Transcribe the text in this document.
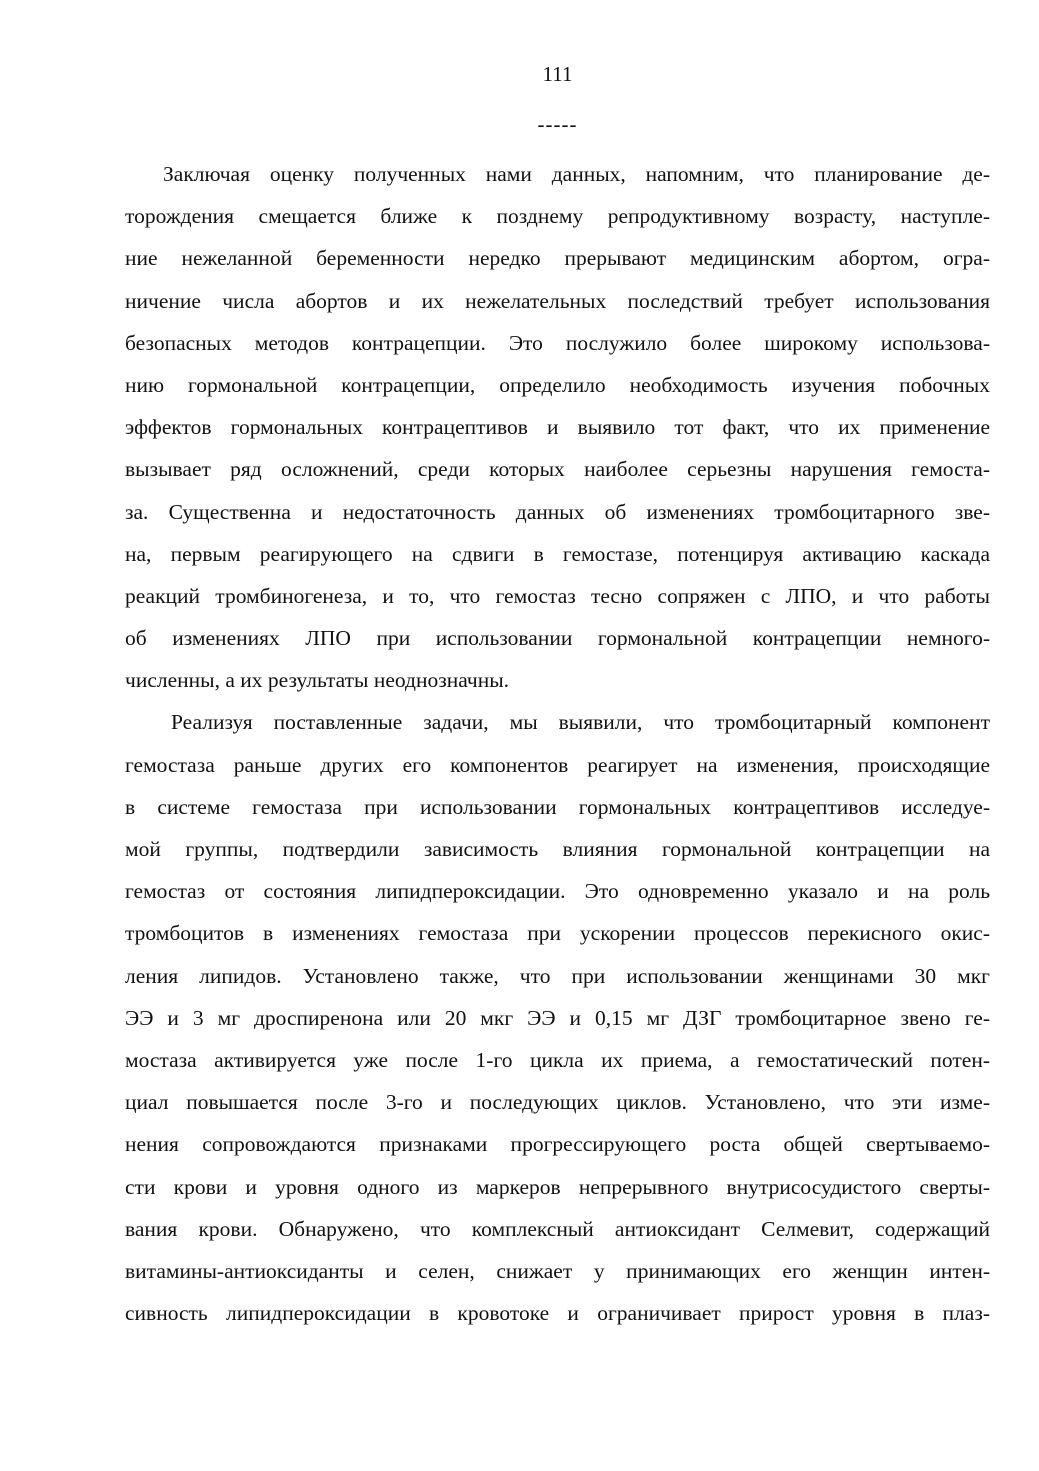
111
-----
Заключая оценку полученных нами данных, напомним, что планирование де-
торождения смещается ближе к позднему репродуктивному возрасту, наступле-
ние нежеланной беременности нередко прерывают медицинским абортом, огра-
ничение числа абортов и их нежелательных последствий требует использования
безопасных методов контрацепции. Это послужило более широкому использова-
нию гормональной контрацепции, определило необходимость изучения побочных
эффектов гормональных контрацептивов и выявило тот факт, что их применение
вызывает ряд осложнений, среди которых наиболее серьезны нарушения гемоста-
за. Существенна и недостаточность данных об изменениях тромбоцитарного зве-
на, первым реагирующего на сдвиги в гемостазе, потенцируя активацию каскада
реакций тромбиногенеза, и то, что гемостаз тесно сопряжен с ЛПО, и что работы
об изменениях ЛПО при использовании гормональной контрацепции немного-
численны, а их результаты неоднозначны.
Реализуя поставленные задачи, мы выявили, что тромбоцитарный компонент
гемостаза раньше других его компонентов реагирует на изменения, происходящие
в системе гемостаза при использовании гормональных контрацептивов исследуе-
мой группы, подтвердили зависимость влияния гормональной контрацепции на
гемостаз от состояния липидпероксидации. Это одновременно указало и на роль
тромбоцитов в изменениях гемостаза при ускорении процессов перекисного окис-
ления липидов. Установлено также, что при использовании женщинами 30 мкг
ЭЭ и 3 мг дроспиренона или 20 мкг ЭЭ и 0,15 мг ДЗГ тромбоцитарное звено ге-
мостаза активируется уже после 1-го цикла их приема, а гемостатический потен-
циал повышается после 3-го и последующих циклов. Установлено, что эти изме-
нения сопровождаются признаками прогрессирующего роста общей свертываемо-
сти крови и уровня одного из маркеров непрерывного внутрисосудистого сверты-
вания крови. Обнаружено, что комплексный антиоксидант Селмевит, содержащий
витамины-антиоксиданты и селен, снижает у принимающих его женщин интен-
сивность липидпероксидации в кровотоке и ограничивает прирост уровня в плаз-
